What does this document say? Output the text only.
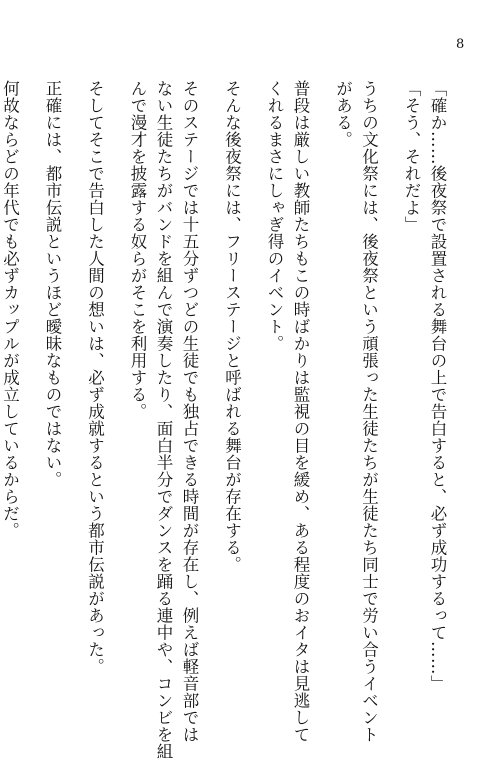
8
「確か……後夜祭で設置される舞台の上で告白すると、必ず成功するって……」
「そう、それだよ」
うちの文化祭には、後夜祭という頑張った生徒たちが生徒たち同士で労い合うイベント
がある。
普段は厳しい教師たちもこの時ばかりは監視の目を緩め、ある程度のおイタは見逃して
くれるまさにしゃぎ得のイベント。
そんな後夜祭には、フリーステージと呼ばれる舞台が存在する。
そのステージでは十五分ずつどの生徒でも独占できる時間が存在し、例えば軽音部では
ない生徒たちがバンドを組んで演奏したり、面白半分でダンスを踊る連中や、コンビを組
んで漫才を披露する奴らがそこを利用する。
そしてそこで告白した人間の想いは、必ず成就するという都市伝説があった。
正確には、都市伝説というほど曖昧なものではない。
何故ならどの年代でも必ずカップルが成立しているからだ。
